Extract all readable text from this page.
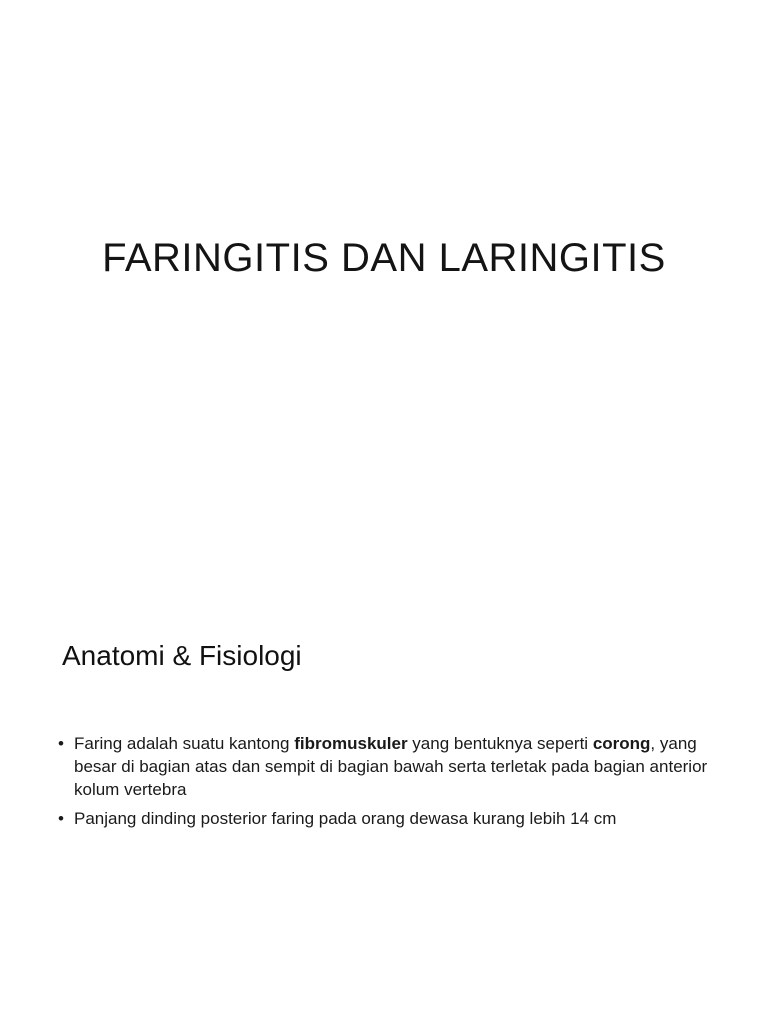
FARINGITIS DAN LARINGITIS
Anatomi & Fisiologi
• Faring adalah suatu kantong fibromuskuler yang bentuknya seperti corong, yang besar di bagian atas dan sempit di bagian bawah serta terletak pada bagian anterior kolum vertebra
• Panjang dinding posterior faring pada orang dewasa kurang lebih 14 cm
